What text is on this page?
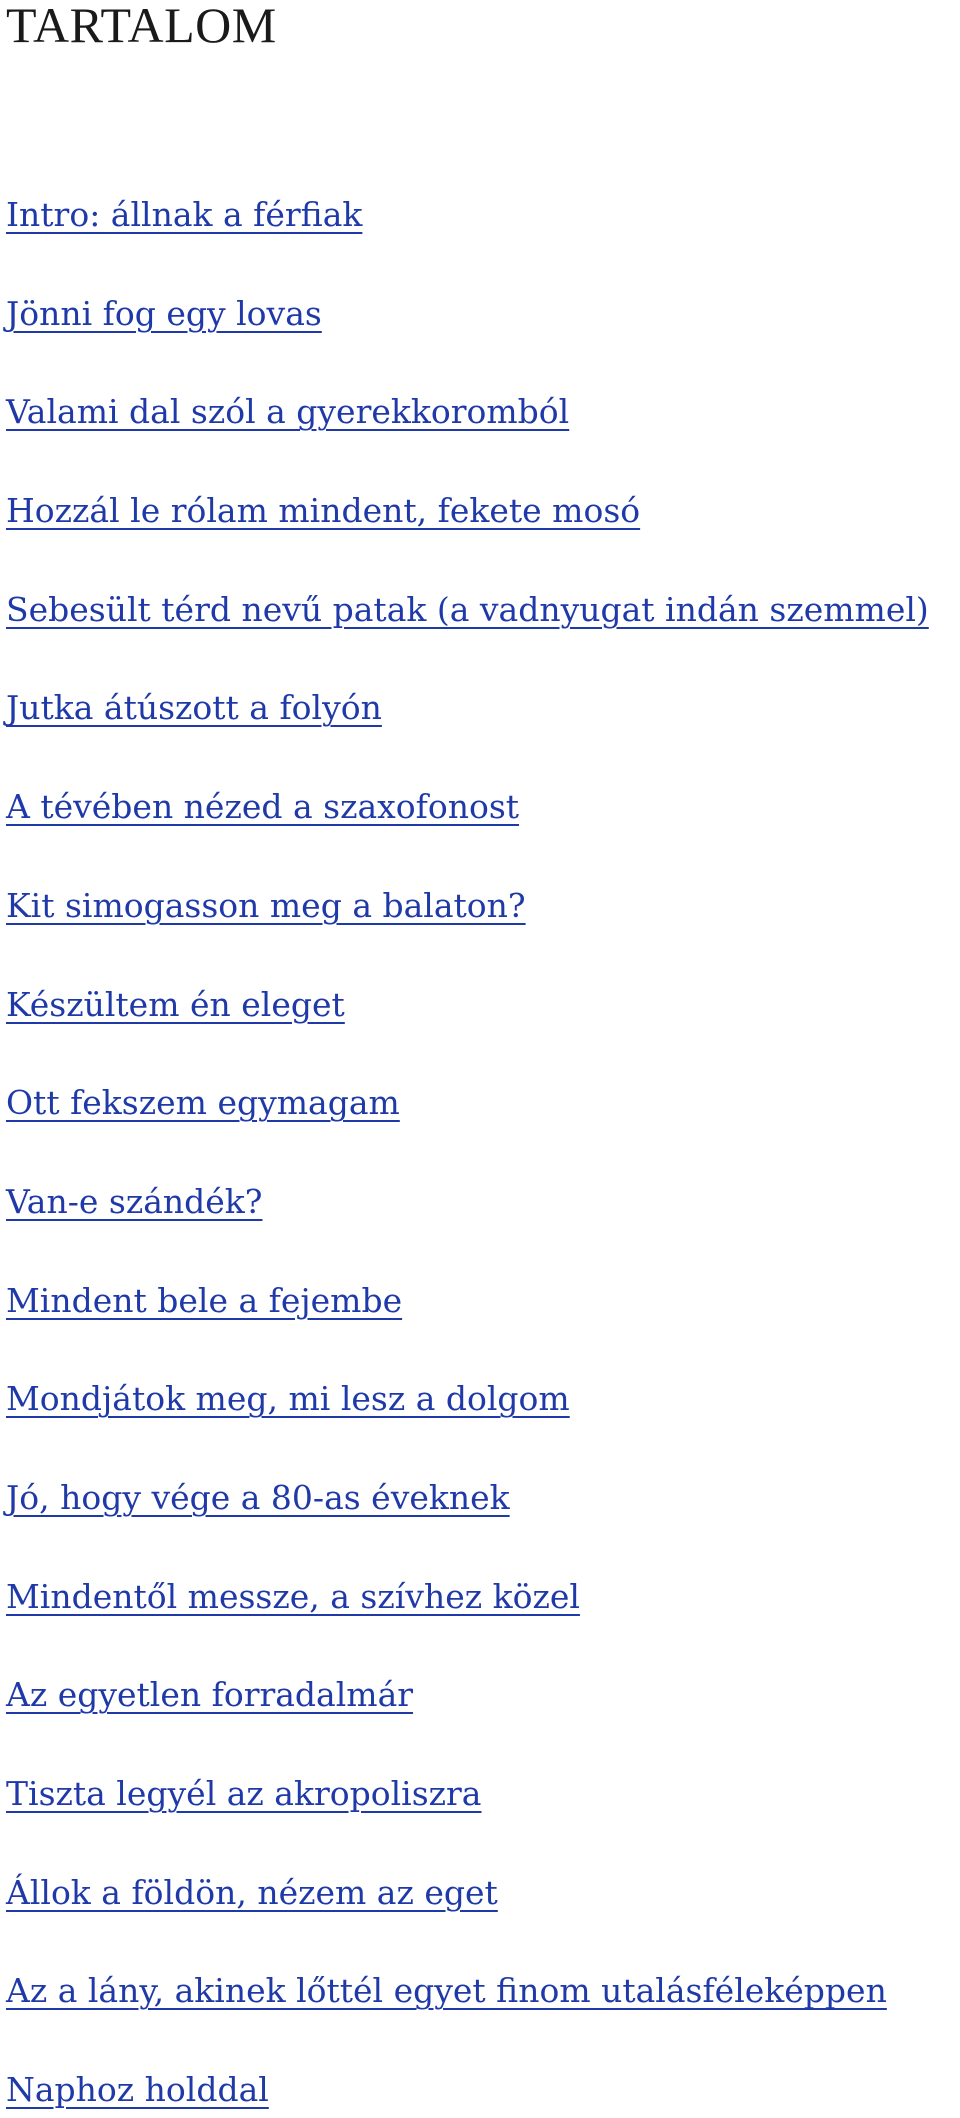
TARTALOM
Intro: állnak a férfiak
Jönni fog egy lovas
Valami dal szól a gyerekkoromból
Hozzál le rólam mindent, fekete mosó
Sebesült térd nevű patak (a vadnyugat indán szemmel)
Jutka átúszott a folyón
A tévében nézed a szaxofonost
Kit simogasson meg a balaton?
Készültem én eleget
Ott fekszem egymagam
Van-e szándék?
Mindent bele a fejembe
Mondjátok meg, mi lesz a dolgom
Jó, hogy vége a 80-as éveknek
Mindentől messze, a szívhez közel
Az egyetlen forradalmár
Tiszta legyél az akropoliszra
Állok a földön, nézem az eget
Az a lány, akinek lőttél egyet finom utalásféleképpen
Naphoz holddal
